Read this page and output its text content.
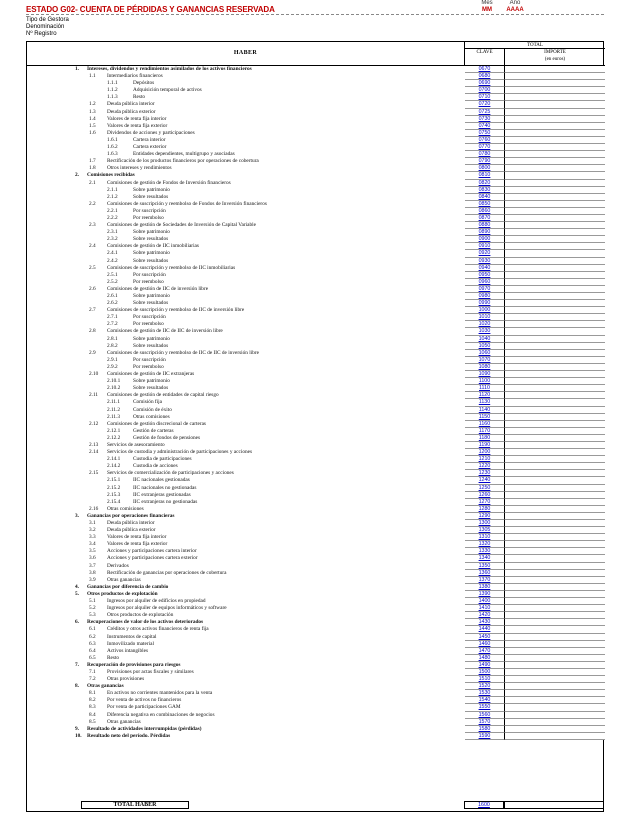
ESTADO G02- CUENTA DE PÉRDIDAS Y GANANCIAS RESERVADA
Mes
MM
Año
AAAA
Tipo de Gestora
Denominación
Nº Registro
HABER
TOTAL
CLAVE	IMPORTE
(en euros)
1. Intereses, dividendos y rendimientos asimilados de los activos financieros	0670
1.1 Intermediarios financieros	0680
1.1.1	Depósitos	0690
1.1.2	Adquisición temporal de activos	0700
1.1.3	Resto	0710
1.2 Deuda pública interior	0720
1.3 Deuda pública exterior	0725
1.4 Valores de renta fija interior	0730
1.5 Valores de renta fija exterior	0740
1.6 Dividendos de acciones y participaciones	0750
1.6.1	Cartera interior	0760
1.6.2	Cartera exterior	0770
1.6.3	Entidades dependientes, multigrupo y asociadas	0780
1.7 Rectificación de los productos financieros por operaciones de cobertura	0790
1.8 Otros intereses y rendimientos	0800
2. Comisiones recibidas	0810
2.1 Comisiones de gestión de Fondos de Inversión financieros	0820
2.1.1	Sobre patrimonio	0830
2.1.2	Sobre resultados	0840
2.2 Comisiones de suscripción y reembolso de Fondos de Inversión financieros	0850
2.2.1	Por suscripción	0860
2.2.2	Por reembolso	0870
2.3 Comisiones de gestión de Sociedades de Inversión de Capital Variable	0880
2.3.1	Sobre patrimonio	0890
2.3.2	Sobre resultados	0900
2.4 Comisiones de gestión de IIC inmobiliarias	0910
2.4.1	Sobre patrimonio	0920
2.4.2	Sobre resultados	0930
2.5 Comisiones de suscripción y reembolso de IIC inmobiliarias	0940
2.5.1	Por suscripción	0950
2.5.2	Por reembolso	0960
2.6 Comisiones de gestión de IIC de inversión libre	0970
2.6.1	Sobre patrimonio	0980
2.6.2	Sobre resultados	0990
2.7 Comisiones de suscripción y reembolso de IIC de inversión libre	1000
2.7.1	Por suscripción	1010
2.7.2	Por reembolso	1020
2.8 Comisiones de gestión de IIC de IIC de inversión libre	1030
2.8.1	Sobre patrimonio	1040
2.8.2	Sobre resultados	1050
2.9 Comisiones de suscripción y reembolso de IIC de IIC de inversión libre	1060
2.9.1	Por suscripción	1070
2.9.2	Por reembolso	1080
2.10 Comisiones de gestión de IIC extranjeras	1090
2.10.1 Sobre patrimonio	1100
2.10.2 Sobre resultados	1110
2.11 Comisiones de gestión de entidades de capital riesgo	1120
2.11.1 Comisión fija	1130
2.11.2 Comisión de éxito	1140
2.11.3 Otras comisiones	1150
2.12 Comisiones de gestión discrecional de carteras	1160
2.12.1 Gestión de carteras	1170
2.12.2 Gestión de fondos de pensiones	1180
2.13 Servicios de asesoramiento	1190
2.14 Servicios de custodia y administración de participaciones y acciones	1200
2.14.1 Custodia de participaciones	1210
2.14.2 Custodia de acciones	1220
2.15 Servicios de comercialización de participaciones y acciones	1230
2.15.1 IIC nacionales gestionadas	1240
2.15.2 IIC nacionales no gestionadas	1250
2.15.3 IIC extranjeras gestionadas	1260
2.15.4 IIC extranjeras no gestionadas	1270
2.16 Otras comisiones	1280
3. Ganancias por operaciones financieras	1290
3.1 Deuda pública interior	1300
3.2 Deuda pública exterior	1305
3.3 Valores de renta fija interior	1310
3.4 Valores de renta fija exterior	1320
3.5 Acciones y participaciones cartera interior	1330
3.6 Acciones y participaciones cartera exterior	1340
3.7 Derivados	1350
3.8 Rectificación de ganancias por operaciones de cobertura	1360
3.9 Otras ganancias	1370
4. Ganancias por diferencia de cambio	1380
5. Otros productos de explotación	1390
5.1 Ingresos por alquiler de edificios en propiedad	1400
5.2 Ingresos por alquiler de equipos informáticos y software	1410
5.3 Otros productos de explotación	1420
6. Recuperaciones de valor de los activos deteriorados	1430
6.1 Créditos y otros activos financieros de renta fija	1440
6.2 Instrumentos de capital	1450
6.3 Inmovilizado material	1460
6.4 Activos intangibles	1470
6.5 Resto	1480
7. Recuperación de provisiones para riesgos	1490
7.1 Provisiones por actas fiscales y similares	1500
7.2 Otras provisiones	1510
8. Otras ganancias	1520
8.1 En activos no corrientes mantenidos para la venta	1530
8.2 Por venta de activos no financieros	1540
8.3 Por venta de participaciones GAM	1550
8.4 Diferencia negativa en combinaciones de negocios	1560
8.5 Otras ganancias	1570
9. Resultado de actividades interrumpidas (pérdidas)	1580
10. Resultado neto del período. Pérdidas	1590
TOTAL HABER	1600
